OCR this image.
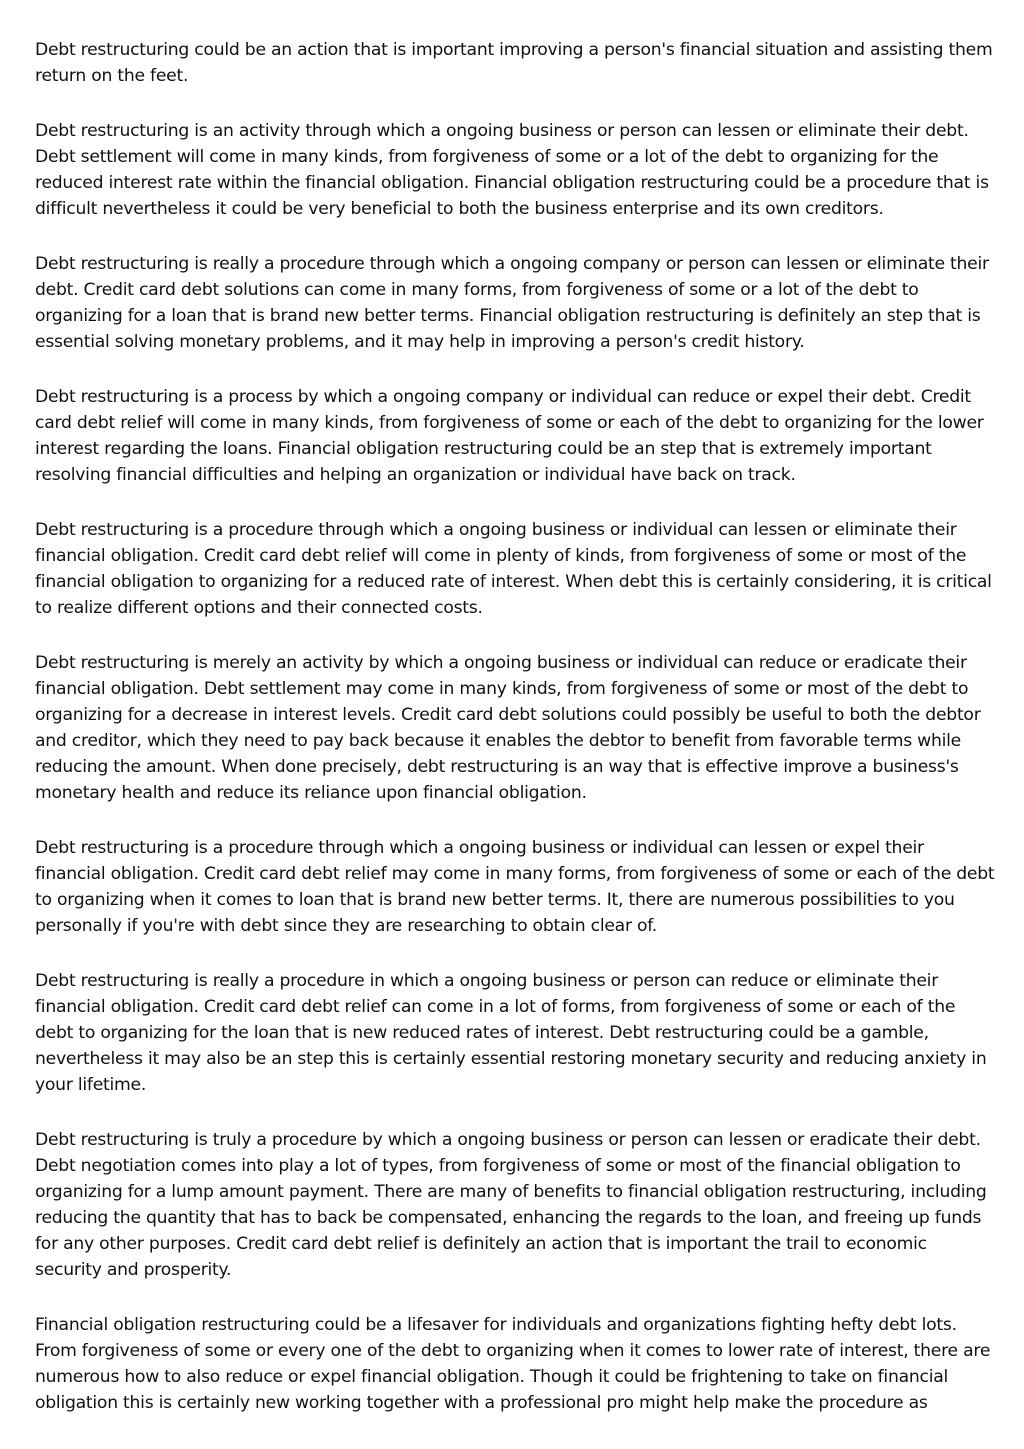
Debt restructuring could be an action that is important improving a person's financial situation and assisting them return on the feet.

Debt restructuring is an activity through which a ongoing business or person can lessen or eliminate their debt. Debt settlement will come in many kinds, from forgiveness of some or a lot of the debt to organizing for the reduced interest rate within the financial obligation. Financial obligation restructuring could be a procedure that is difficult nevertheless it could be very beneficial to both the business enterprise and its own creditors.

Debt restructuring is really a procedure through which a ongoing company or person can lessen or eliminate their debt. Credit card debt solutions can come in many forms, from forgiveness of some or a lot of the debt to organizing for a loan that is brand new better terms. Financial obligation restructuring is definitely an step that is essential solving monetary problems, and it may help in improving a person's credit history.

Debt restructuring is a process by which a ongoing company or individual can reduce or expel their debt. Credit card debt relief will come in many kinds, from forgiveness of some or each of the debt to organizing for the lower interest regarding the loans. Financial obligation restructuring could be an step that is extremely important resolving financial difficulties and helping an organization or individual have back on track.

Debt restructuring is a procedure through which a ongoing business or individual can lessen or eliminate their financial obligation. Credit card debt relief will come in plenty of kinds, from forgiveness of some or most of the financial obligation to organizing for a reduced rate of interest. When debt this is certainly considering, it is critical to realize different options and their connected costs.

Debt restructuring is merely an activity by which a ongoing business or individual can reduce or eradicate their financial obligation. Debt settlement may come in many kinds, from forgiveness of some or most of the debt to organizing for a decrease in interest levels. Credit card debt solutions could possibly be useful to both the debtor and creditor, which they need to pay back because it enables the debtor to benefit from favorable terms while reducing the amount. When done precisely, debt restructuring is an way that is effective improve a business's monetary health and reduce its reliance upon financial obligation.

Debt restructuring is a procedure through which a ongoing business or individual can lessen or expel their financial obligation. Credit card debt relief may come in many forms, from forgiveness of some or each of the debt to organizing when it comes to loan that is brand new better terms. It, there are numerous possibilities to you personally if you're with debt since they are researching to obtain clear of.

Debt restructuring is really a procedure in which a ongoing business or person can reduce or eliminate their financial obligation. Credit card debt relief can come in a lot of forms, from forgiveness of some or each of the debt to organizing for the loan that is new reduced rates of interest. Debt restructuring could be a gamble, nevertheless it may also be an step this is certainly essential restoring monetary security and reducing anxiety in your lifetime.

Debt restructuring is truly a procedure by which a ongoing business or person can lessen or eradicate their debt. Debt negotiation comes into play a lot of types, from forgiveness of some or most of the financial obligation to organizing for a lump amount payment. There are many of benefits to financial obligation restructuring, including reducing the quantity that has to back be compensated, enhancing the regards to the loan, and freeing up funds for any other purposes. Credit card debt relief is definitely an action that is important the trail to economic security and prosperity.

Financial obligation restructuring could be a lifesaver for individuals and organizations fighting hefty debt lots. From forgiveness of some or every one of the debt to organizing when it comes to lower rate of interest, there are numerous how to also reduce or expel financial obligation. Though it could be frightening to take on financial obligation this is certainly new working together with a professional pro might help make the procedure as
